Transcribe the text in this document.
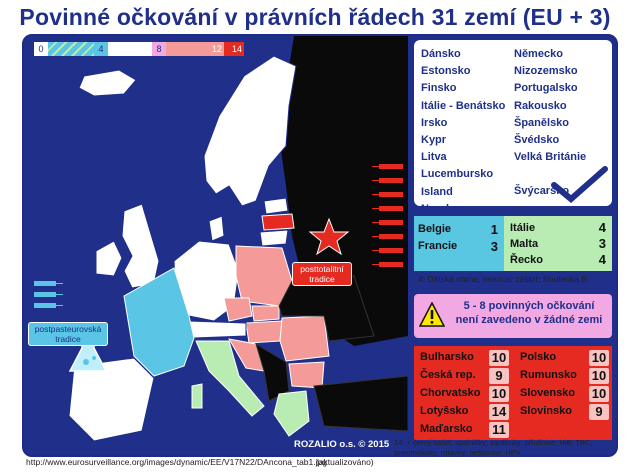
Povinné očkování v právních řádech 31 zemí (EU + 3)
0	4	8	12 14
posttotalitní tradice
postpasteurovská tradice
ROZALIO o.s. © 2015
Dánsko
Estonsko
Finsko
Itálie - Benátsko
Irsko
Kypr
Litva
Lucembursko
Island
Norsko
Německo
Nizozemsko
Portugalsko
Rakousko
Španělsko
Švédsko
Velká Británie
Švýcarsko
Belgie	1
Francie	3
Itálie	4
Malta	3
Řecko	4
4: Dětská obrna; tetanus; záškrt; žloutenka B
5 - 8 povinných očkování
není zavedeno v žádné zemi
Bulharsko 10
Česká rep.	9
Chorvatsko 10
Lotyšsko 14
Maďarsko 11
Polsko	10
Rumunsko 10
Slovensko 10
Slovinsko	9
14: + černý kašel; spalničky; zarděnky; příušnice; HiB; TBC; pneumokoky; rotaviry; neštovice; HPV
http://www.eurosurveillance.org/images/dynamic/EE/V17N22/DAncona_tab1.jpg
(aktualizováno)
